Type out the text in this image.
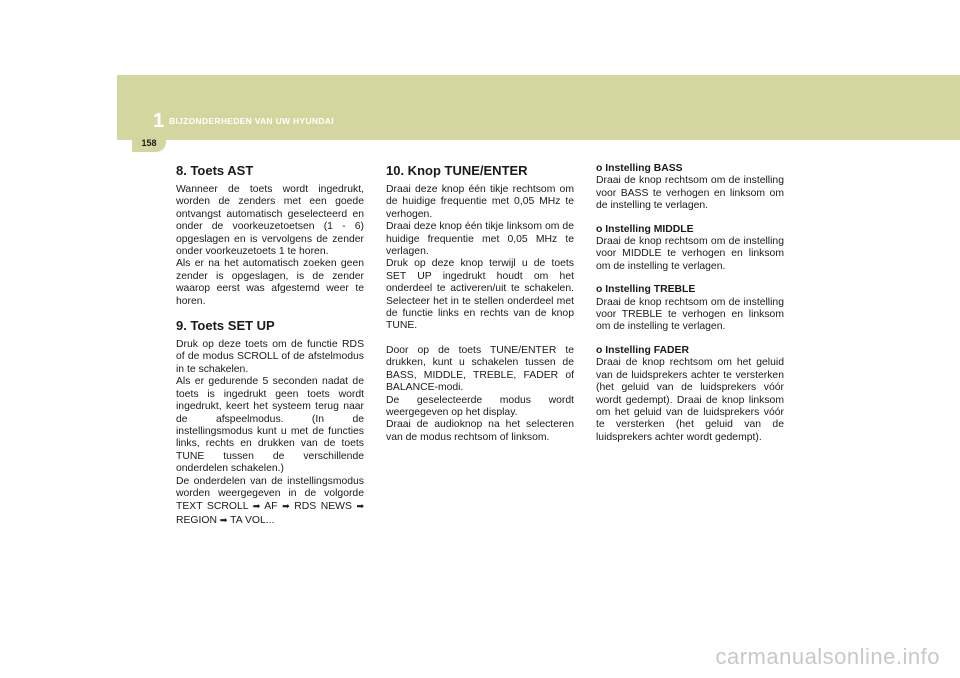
1 BIJZONDERHEDEN VAN UW HYUNDAI
158
8. Toets AST

Wanneer de toets wordt ingedrukt, worden de zenders met een goede ontvangst automatisch geselecteerd en onder de voorkeuzetoetsen (1 - 6) opgeslagen en is vervolgens de zender onder voorkeuzetoets 1 te horen.

Als er na het automatisch zoeken geen zender is opgeslagen, is de zender waarop eerst was afgestemd weer te horen.

9. Toets SET UP

Druk op deze toets om de functie RDS of de modus SCROLL of de afstelmodus in te schakelen.

Als er gedurende 5 seconden nadat de toets is ingedrukt geen toets wordt ingedrukt, keert het systeem terug naar de afspeelmodus. (In de instellingsmodus kunt u met de functies links, rechts en drukken van de toets TUNE tussen de verschillende onderdelen schakelen.)

De onderdelen van de instellingsmodus worden weergegeven in de volgorde TEXT SCROLL ➡ AF ➡ RDS NEWS ➡ REGION ➡ TA VOL...

10. Knop TUNE/ENTER

Draai deze knop één tikje rechtsom om de huidige frequentie met 0,05 MHz te verhogen.

Draai deze knop één tikje linksom om de huidige frequentie met 0,05 MHz te verlagen.

Druk op deze knop terwijl u de toets SET UP ingedrukt houdt om het onderdeel te activeren/uit te schakelen. Selecteer het in te stellen onderdeel met de functie links en rechts van de knop TUNE.

Door op de toets TUNE/ENTER te drukken, kunt u schakelen tussen de BASS, MIDDLE, TREBLE, FADER of BALANCE-modi.

De geselecteerde modus wordt weergegeven op het display.

Draai de audioknop na het selecteren van de modus rechtsom of linksom.

o Instelling BASS

Draai de knop rechtsom om de instelling voor BASS te verhogen en linksom om de instelling te verlagen.

o Instelling MIDDLE

Draai de knop rechtsom om de instelling voor MIDDLE te verhogen en linksom om de instelling te verlagen.

o Instelling TREBLE

Draai de knop rechtsom om de instelling voor TREBLE te verhogen en linksom om de instelling te verlagen.

o Instelling FADER

Draai de knop rechtsom om het geluid van de luidsprekers achter te versterken (het geluid van de luidsprekers vóór wordt gedempt). Draai de knop linksom om het geluid van de luidsprekers vóór te versterken (het geluid van de luidsprekers achter wordt gedempt).

carmanualsonline.info
